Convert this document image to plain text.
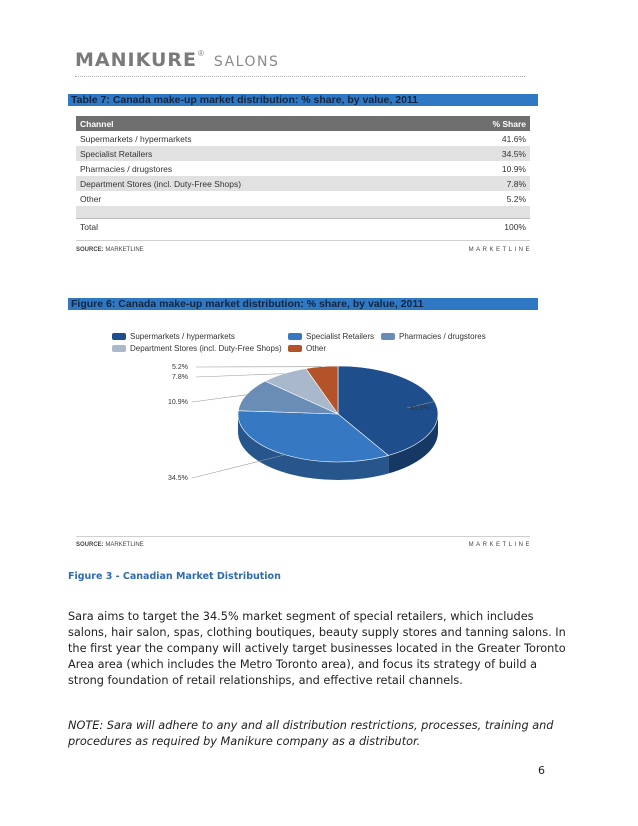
MANIKURE®SALONS
Table 7: Canada make-up market distribution: % share, by value, 2011
Channel	% Share
Supermarkets / hypermarkets	41.6%
Specialist Retailers	34.5%
Pharmacies / drugstores	10.9%
Department Stores (incl. Duty-Free Shops)	7.8%
Other	5.2%

Total	100%
SOURCE: MARKETLINE	MARKETLINE
Figure 6: Canada make-up market distribution: % share, by value, 2011
Supermarkets / hypermarkets	Specialist Retailers	Pharmacies / drugstores
Department Stores (incl. Duty-Free Shops)	Other
41.6%
34.5%
10.9%
7.8%
5.2%
SOURCE: MARKETLINE	MARKETLINE
Figure 3 - Canadian Market Distribution
Sara aims to target the 34.5% market segment of special retailers, which includes salons, hair salon, spas, clothing boutiques, beauty supply stores and tanning salons. In the first year the company will actively target businesses located in the Greater Toronto Area area (which includes the Metro Toronto area), and focus its strategy of build a strong foundation of retail relationships, and effective retail channels.
NOTE: Sara will adhere to any and all distribution restrictions, processes, training and procedures as required by Manikure company as a distributor.
6
